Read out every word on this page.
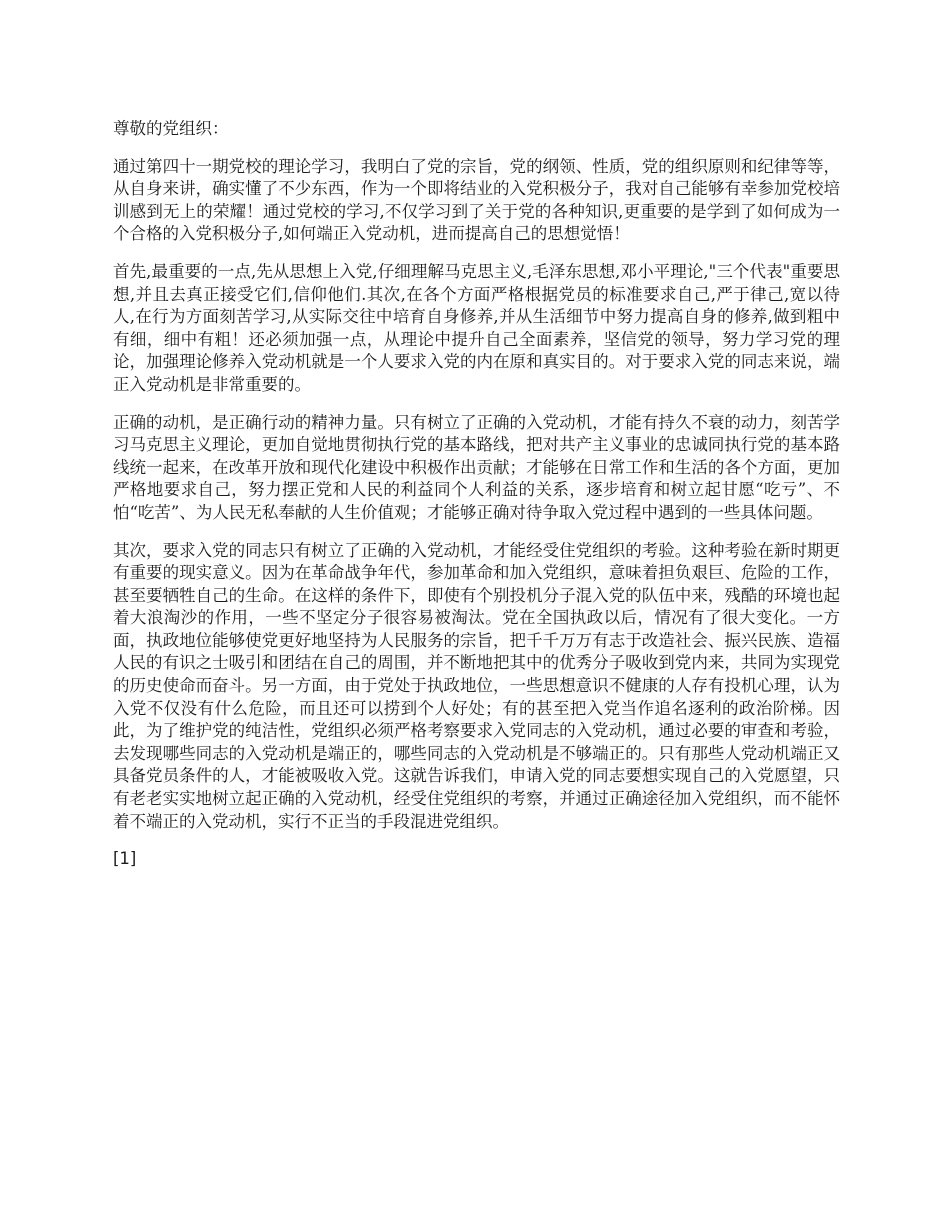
尊敬的党组织：

通过第四十一期党校的理论学习，我明白了党的宗旨，党的纲领、性质，党的组织原则和纪律等等，从自身来讲，确实懂了不少东西，作为一个即将结业的入党积极分子，我对自己能够有幸参加党校培训感到无上的荣耀！通过党校的学习,不仅学习到了关于党的各种知识,更重要的是学到了如何成为一个合格的入党积极分子,如何端正入党动机，进而提高自己的思想觉悟！

首先,最重要的一点,先从思想上入党,仔细理解马克思主义,毛泽东思想,邓小平理论,"三个代表"重要思想,并且去真正接受它们,信仰他们.其次,在各个方面严格根据党员的标准要求自己,严于律己,宽以待人,在行为方面刻苦学习,从实际交往中培育自身修养,并从生活细节中努力提高自身的修养,做到粗中有细，细中有粗！还必须加强一点，从理论中提升自己全面素养，坚信党的领导，努力学习党的理论，加强理论修养入党动机就是一个人要求入党的内在原和真实目的。对于要求入党的同志来说，端正入党动机是非常重要的。

正确的动机，是正确行动的精神力量。只有树立了正确的入党动机，才能有持久不衰的动力，刻苦学习马克思主义理论，更加自觉地贯彻执行党的基本路线，把对共产主义事业的忠诚同执行党的基本路线统一起来，在改革开放和现代化建设中积极作出贡献；才能够在日常工作和生活的各个方面，更加严格地要求自己，努力摆正党和人民的利益同个人利益的关系，逐步培育和树立起甘愿“吃亏”、不怕“吃苦”、为人民无私奉献的人生价值观；才能够正确对待争取入党过程中遇到的一些具体问题。

其次，要求入党的同志只有树立了正确的入党动机，才能经受住党组织的考验。这种考验在新时期更有重要的现实意义。因为在革命战争年代，参加革命和加入党组织，意味着担负艰巨、危险的工作，甚至要牺牲自己的生命。在这样的条件下，即使有个别投机分子混入党的队伍中来，残酷的环境也起着大浪淘沙的作用，一些不坚定分子很容易被淘汰。党在全国执政以后，情况有了很大变化。一方面，执政地位能够使党更好地坚持为人民服务的宗旨，把千千万万有志于改造社会、振兴民族、造福人民的有识之士吸引和团结在自己的周围，并不断地把其中的优秀分子吸收到党内来，共同为实现党的历史使命而奋斗。另一方面，由于党处于执政地位，一些思想意识不健康的人存有投机心理，认为入党不仅没有什么危险，而且还可以捞到个人好处；有的甚至把入党当作追名逐利的政治阶梯。因此，为了维护党的纯洁性，党组织必须严格考察要求入党同志的入党动机，通过必要的审查和考验，去发现哪些同志的入党动机是端正的，哪些同志的入党动机是不够端正的。只有那些人党动机端正又具备党员条件的人，才能被吸收入党。这就告诉我们，申请入党的同志要想实现自己的入党愿望，只有老老实实地树立起正确的入党动机，经受住党组织的考察，并通过正确途径加入党组织，而不能怀着不端正的入党动机，实行不正当的手段混进党组织。

[1]
